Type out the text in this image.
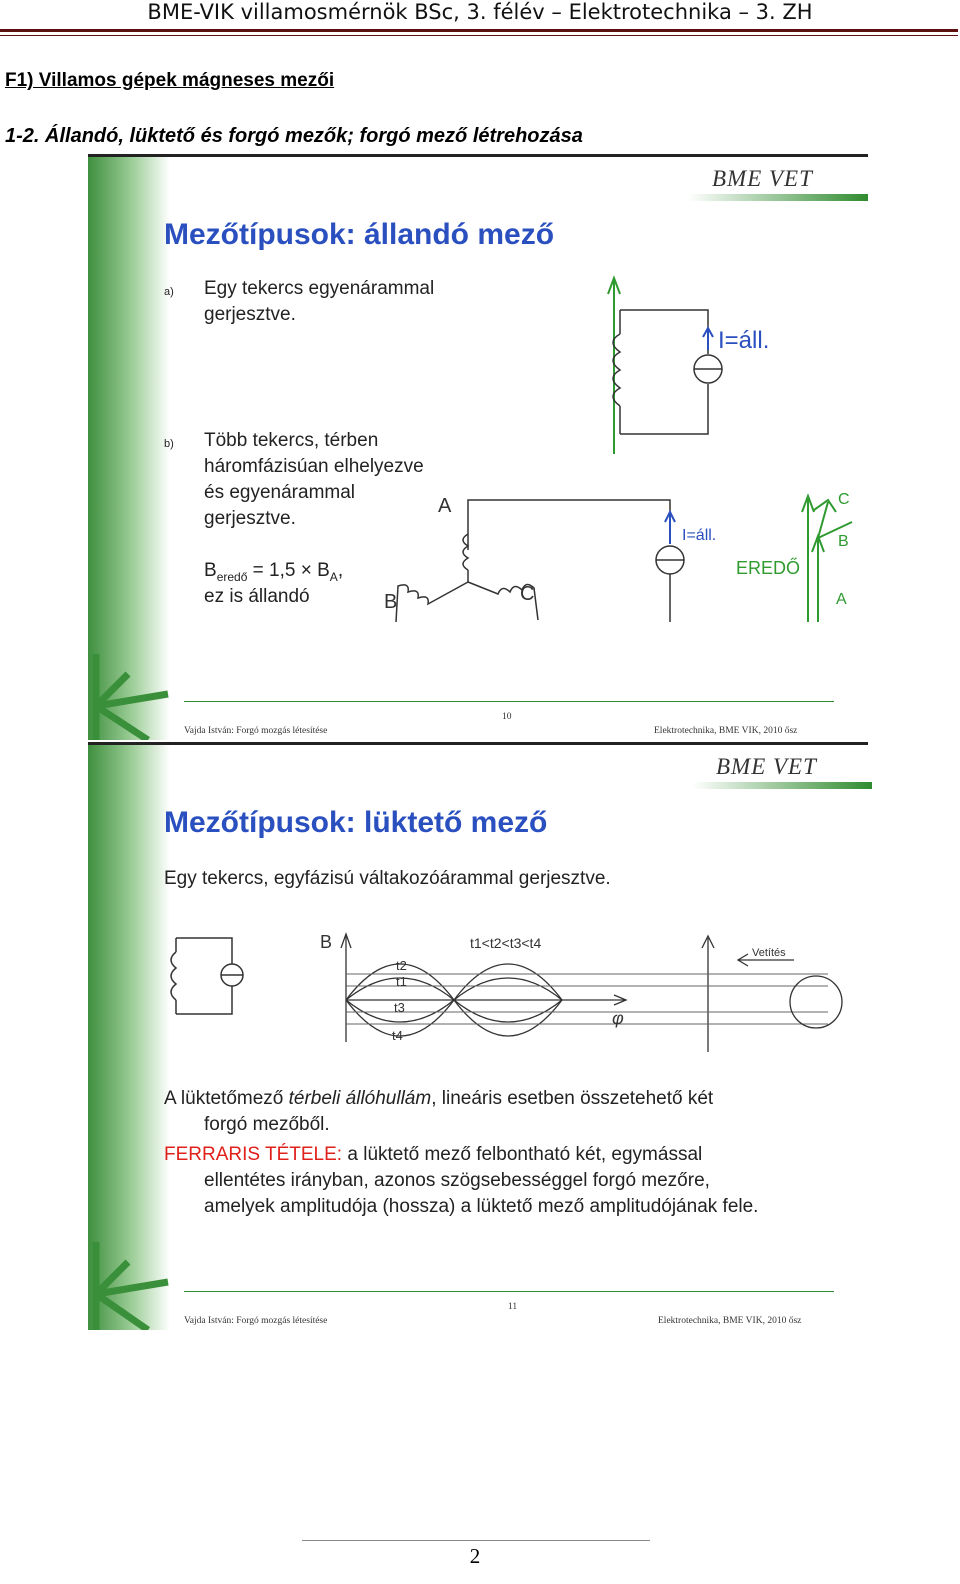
BME-VIK villamosmérnök BSc, 3. félév – Elektrotechnika – 3. ZH
F1) Villamos gépek mágneses mezői
1-2. Állandó, lüktető és forgó mezők; forgó mező létrehozása
BME VET
Mezőtípusok: állandó mező
a) Egy tekercs egyenárammal
gerjesztve.
b) Több tekercs, térben
háromfázisúan elhelyezve
és egyenárammal
gerjesztve.
$B_{eredő} = 1,5 \times B_A$,
ez is állandó
I=áll.
A
B	C
I=áll.
EREDŐ
A
B
C
10
Vajda István: Forgó mozgás létesítése	Elektrotechnika, BME VIK, 2010 ősz
BME VET
Mezőtípusok: lüktető mező
Egy tekercs, egyfázisú váltakozóárammal gerjesztve.
B	t1<t2<t3<t4
t2
t1
t3
t4
φ
Vetítés
A lüktetőmező térbeli állóhullám, lineáris esetben összetehető két
forgó mezőből.
FERRARIS TÉTELE: a lüktető mező felbontható két, egymással
ellentétes irányban, azonos szögsebességgel forgó mezőre,
amelyek amplitudója (hossza) a lüktető mező amplitudójának fele.
11
Vajda István: Forgó mozgás létesítése	Elektrotechnika, BME VIK, 2010 ősz
2
